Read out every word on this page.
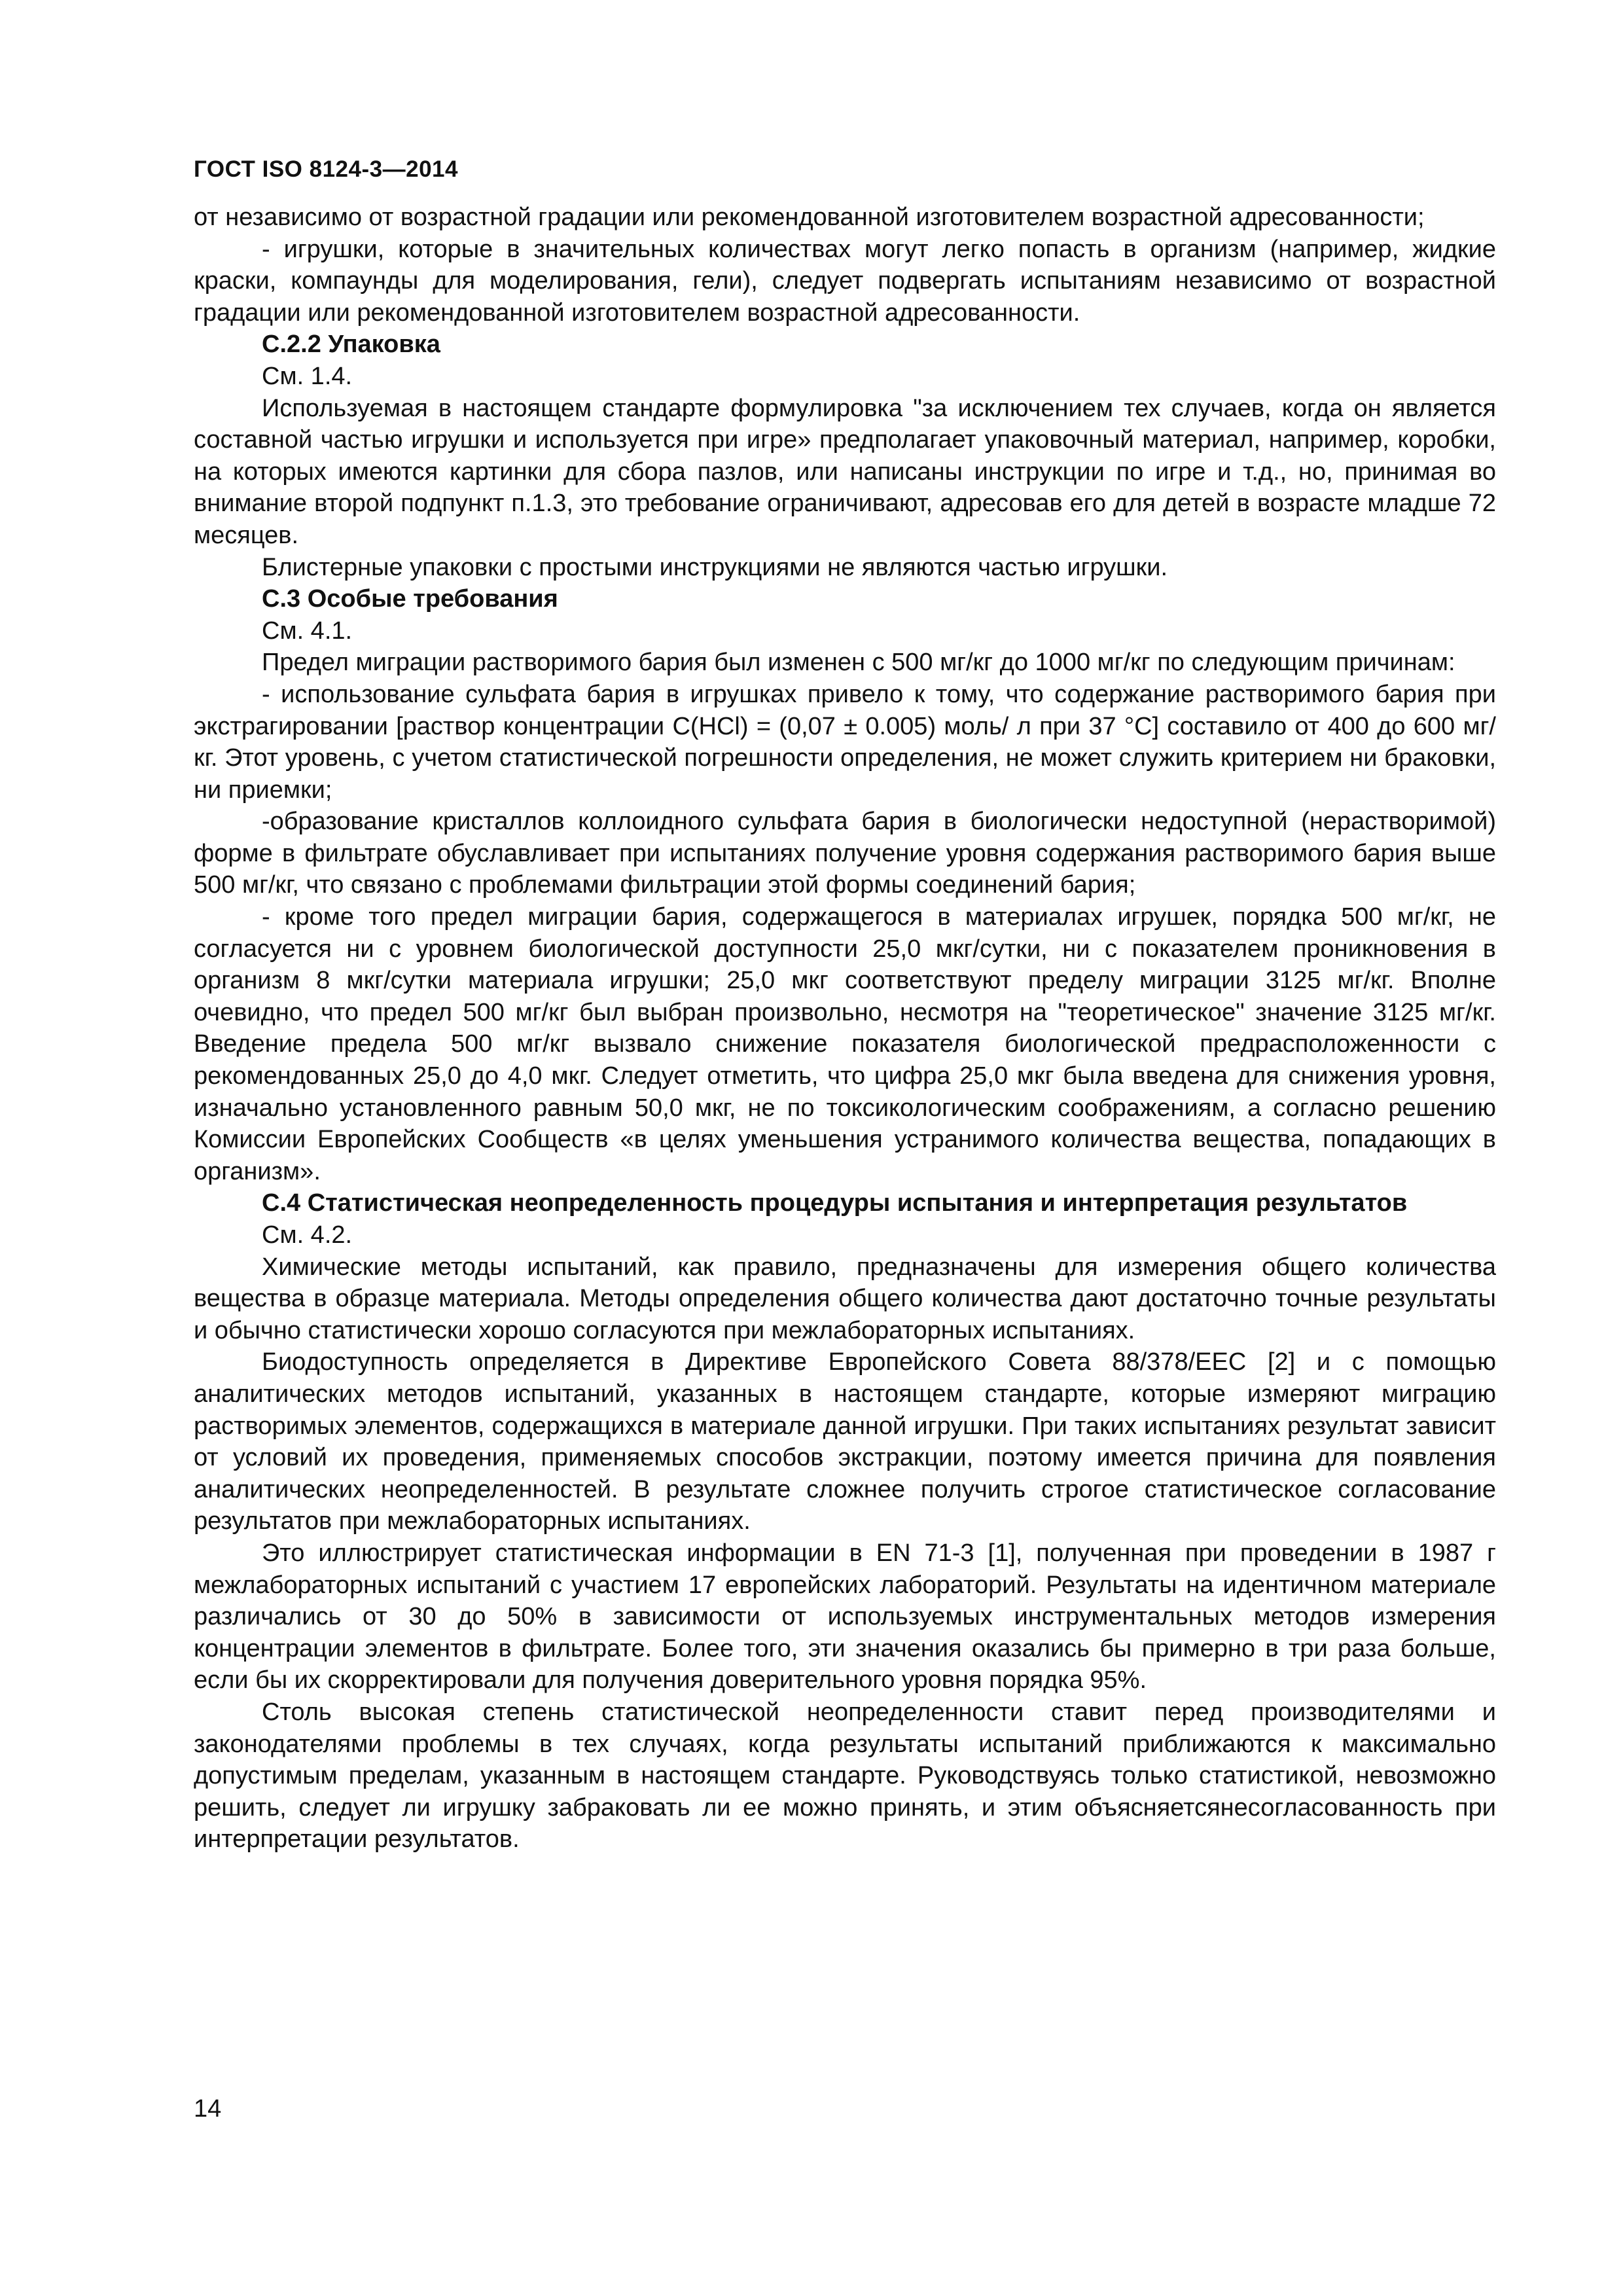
ГОСТ ISO 8124-3—2014

от независимо от возрастной градации или рекомендованной изготовителем возрастной адресованности;

- игрушки, которые в значительных количествах могут легко попасть в организм (например, жидкие краски, компаунды для моделирования, гели), следует подвергать испытаниям независимо от возрастной градации или рекомендованной изготовителем возрастной адресованности.

С.2.2 Упаковка

См. 1.4.

Используемая в настоящем стандарте формулировка "за исключением тех случаев, когда он является составной частью игрушки и используется при игре» предполагает упаковочный материал, например, коробки, на которых имеются картинки для сбора пазлов, или написаны инструкции по игре и т.д., но, принимая во внимание второй подпункт п.1.3, это требование ограничивают, адресовав его для детей в возрасте младше 72 месяцев.

Блистерные упаковки с простыми инструкциями не являются частью игрушки.

С.3 Особые требования

См. 4.1.

Предел миграции растворимого бария был изменен с 500 мг/кг до 1000 мг/кг по следующим причинам:

- использование сульфата бария в игрушках привело к тому, что содержание растворимого бария при экстрагировании [раствор концентрации С(НСl) = (0,07 ± 0.005) моль/ л при 37 °С] составило от 400 до 600 мг/кг. Этот уровень, с учетом статистической погрешности определения, не может служить критерием ни браковки, ни приемки;

-образование кристаллов коллоидного сульфата бария в биологически недоступной (нерастворимой) форме в фильтрате обуславливает при испытаниях получение уровня содержания растворимого бария выше 500 мг/кг, что связано с проблемами фильтрации этой формы соединений бария;

- кроме того предел миграции бария, содержащегося в материалах игрушек, порядка 500 мг/кг, не согласуется ни с уровнем биологической доступности 25,0 мкг/сутки, ни с показателем проникновения в организм 8 мкг/сутки материала игрушки; 25,0 мкг соответствуют пределу миграции 3125 мг/кг. Вполне очевидно, что предел 500 мг/кг был выбран произвольно, несмотря на "теоретическое" значение 3125 мг/кг. Введение предела 500 мг/кг вызвало снижение показателя биологической предрасположенности с рекомендованных 25,0 до 4,0 мкг. Следует отметить, что цифра 25,0 мкг была введена для снижения уровня, изначально установленного равным 50,0 мкг, не по токсикологическим соображениям, а согласно решению Комиссии Европейских Сообществ «в целях уменьшения устранимого количества вещества, попадающих в организм».

С.4 Статистическая неопределенность процедуры испытания и интерпретация результатов

См. 4.2.

Химические методы испытаний, как правило, предназначены для измерения общего количества вещества в образце материала. Методы определения общего количества дают достаточно точные результаты и обычно статистически хорошо согласуются при межлабораторных испытаниях.

Биодоступность определяется в Директиве Европейского Совета 88/378/ЕЕС [2] и с помощью аналитических методов испытаний, указанных в настоящем стандарте, которые измеряют миграцию растворимых элементов, содержащихся в материале данной игрушки. При таких испытаниях результат зависит от условий их проведения, применяемых способов экстракции, поэтому имеется причина для появления аналитических неопределенностей. В результате сложнее получить строгое статистическое согласование результатов при межлабораторных испытаниях.

Это иллюстрирует статистическая информации в EN 71-3 [1], полученная при проведении в 1987 г межлабораторных испытаний с участием 17 европейских лабораторий. Результаты на идентичном материале различались от 30 до 50% в зависимости от используемых инструментальных методов измерения концентрации элементов в фильтрате. Более того, эти значения оказались бы примерно в три раза больше, если бы их скорректировали для получения доверительного уровня порядка 95%.

Столь высокая степень статистической неопределенности ставит перед производителями и законодателями проблемы в тех случаях, когда результаты испытаний приближаются к максимально допустимым пределам, указанным в настоящем стандарте. Руководствуясь только статистикой, невозможно решить, следует ли игрушку забраковать ли ее можно принять, и этим объясняетсянесогласованность при интерпретации результатов.

14
